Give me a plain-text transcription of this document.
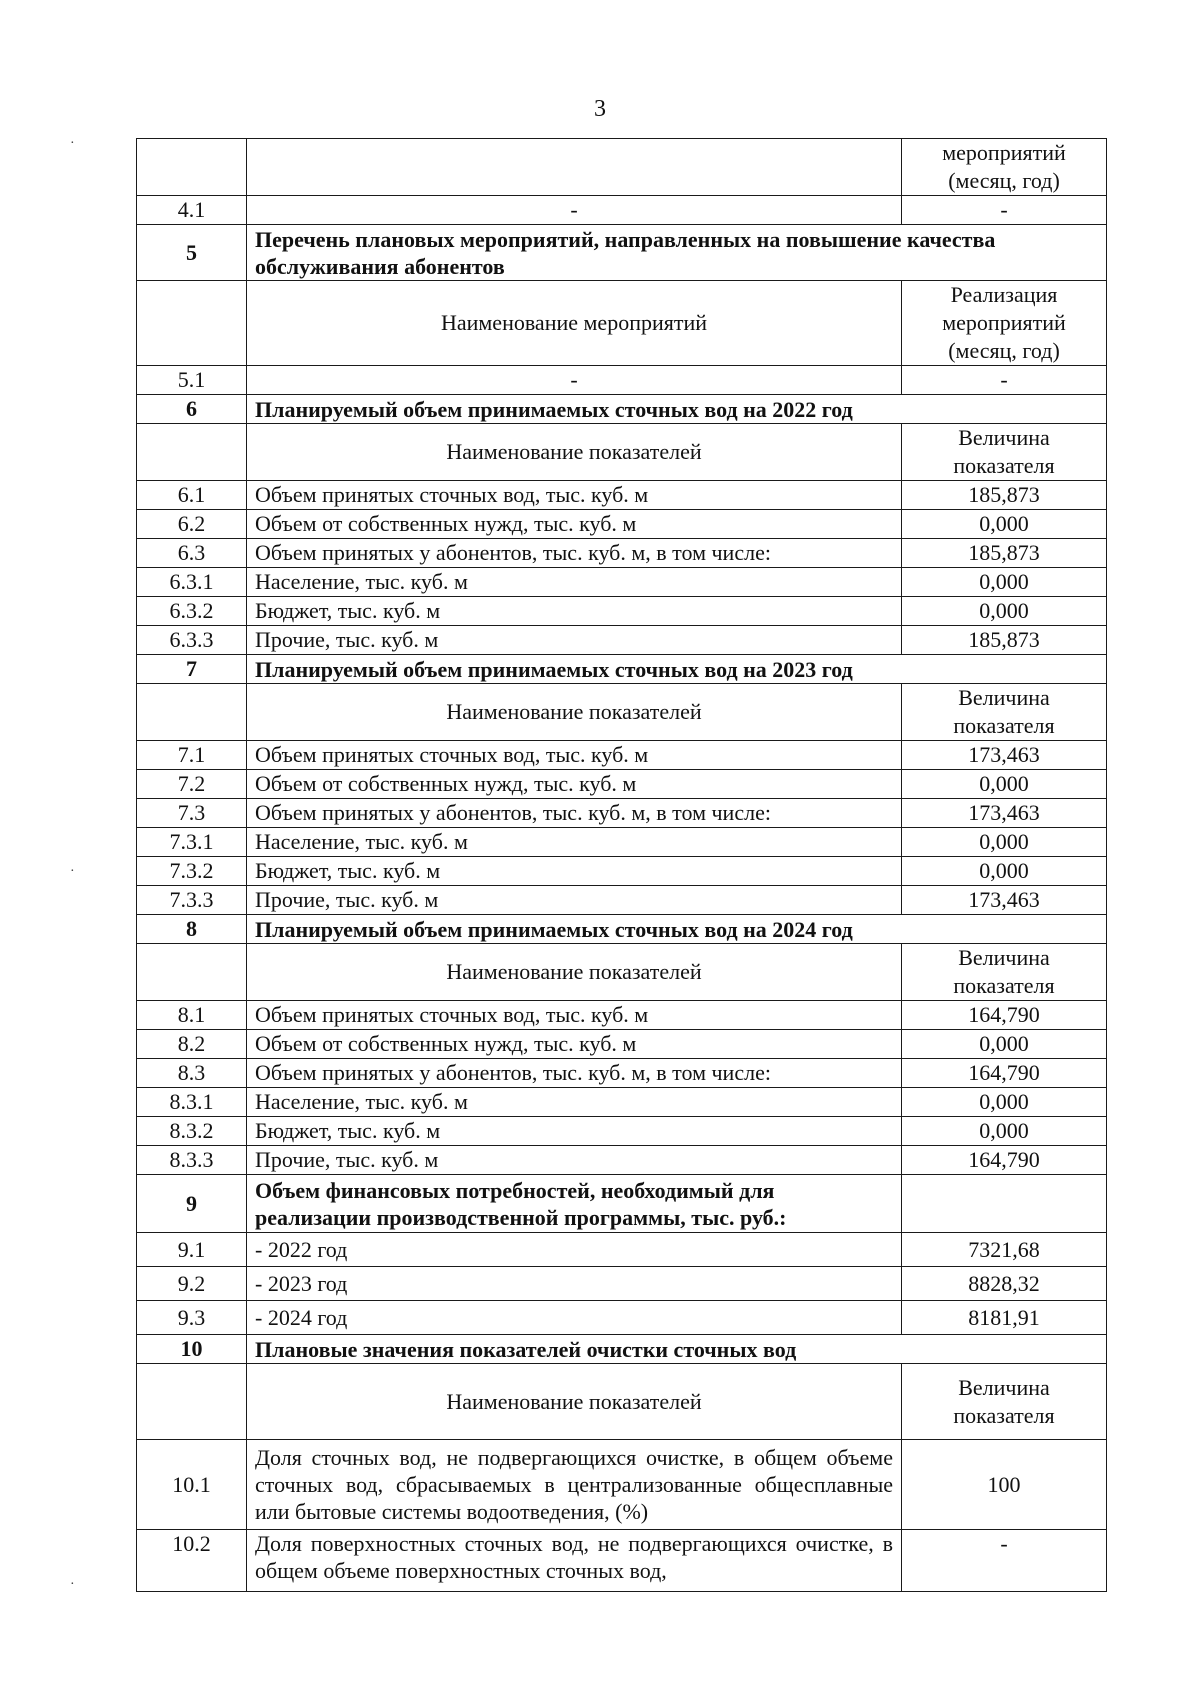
3
		мероприятий (месяц, год)
4.1	-	-
5	Перечень плановых мероприятий, направленных на повышение качества обслуживания абонентов	
	Наименование мероприятий	Реализация мероприятий (месяц, год)
5.1	-	-
6	Планируемый объем принимаемых сточных вод на 2022 год	
	Наименование показателей	Величина показателя
6.1	Объем принятых сточных вод, тыс. куб. м	185,873
6.2	Объем от собственных нужд, тыс. куб. м	0,000
6.3	Объем принятых у абонентов, тыс. куб. м, в том числе:	185,873
6.3.1	Население, тыс. куб. м	0,000
6.3.2	Бюджет, тыс. куб. м	0,000
6.3.3	Прочие, тыс. куб. м	185,873
7	Планируемый объем принимаемых сточных вод на 2023 год	
	Наименование показателей	Величина показателя
7.1	Объем принятых сточных вод, тыс. куб. м	173,463
7.2	Объем от собственных нужд, тыс. куб. м	0,000
7.3	Объем принятых у абонентов, тыс. куб. м, в том числе:	173,463
7.3.1	Население, тыс. куб. м	0,000
7.3.2	Бюджет, тыс. куб. м	0,000
7.3.3	Прочие, тыс. куб. м	173,463
8	Планируемый объем принимаемых сточных вод на 2024 год	
	Наименование показателей	Величина показателя
8.1	Объем принятых сточных вод, тыс. куб. м	164,790
8.2	Объем от собственных нужд, тыс. куб. м	0,000
8.3	Объем принятых у абонентов, тыс. куб. м, в том числе:	164,790
8.3.1	Население, тыс. куб. м	0,000
8.3.2	Бюджет, тыс. куб. м	0,000
8.3.3	Прочие, тыс. куб. м	164,790
9	Объем финансовых потребностей, необходимый для реализации производственной программы, тыс. руб.:	
9.1	- 2022 год	7321,68
9.2	- 2023 год	8828,32
9.3	- 2024 год	8181,91
10	Плановые значения показателей очистки сточных вод	
	Наименование показателей	Величина показателя
10.1	Доля сточных вод, не подвергающихся очистке, в общем объеме сточных вод, сбрасываемых в централизованные общесплавные или бытовые системы водоотведения, (%)	100
10.2	Доля поверхностных сточных вод, не подвергающихся очистке, в общем объеме поверхностных сточных вод,	-
·
·
·
